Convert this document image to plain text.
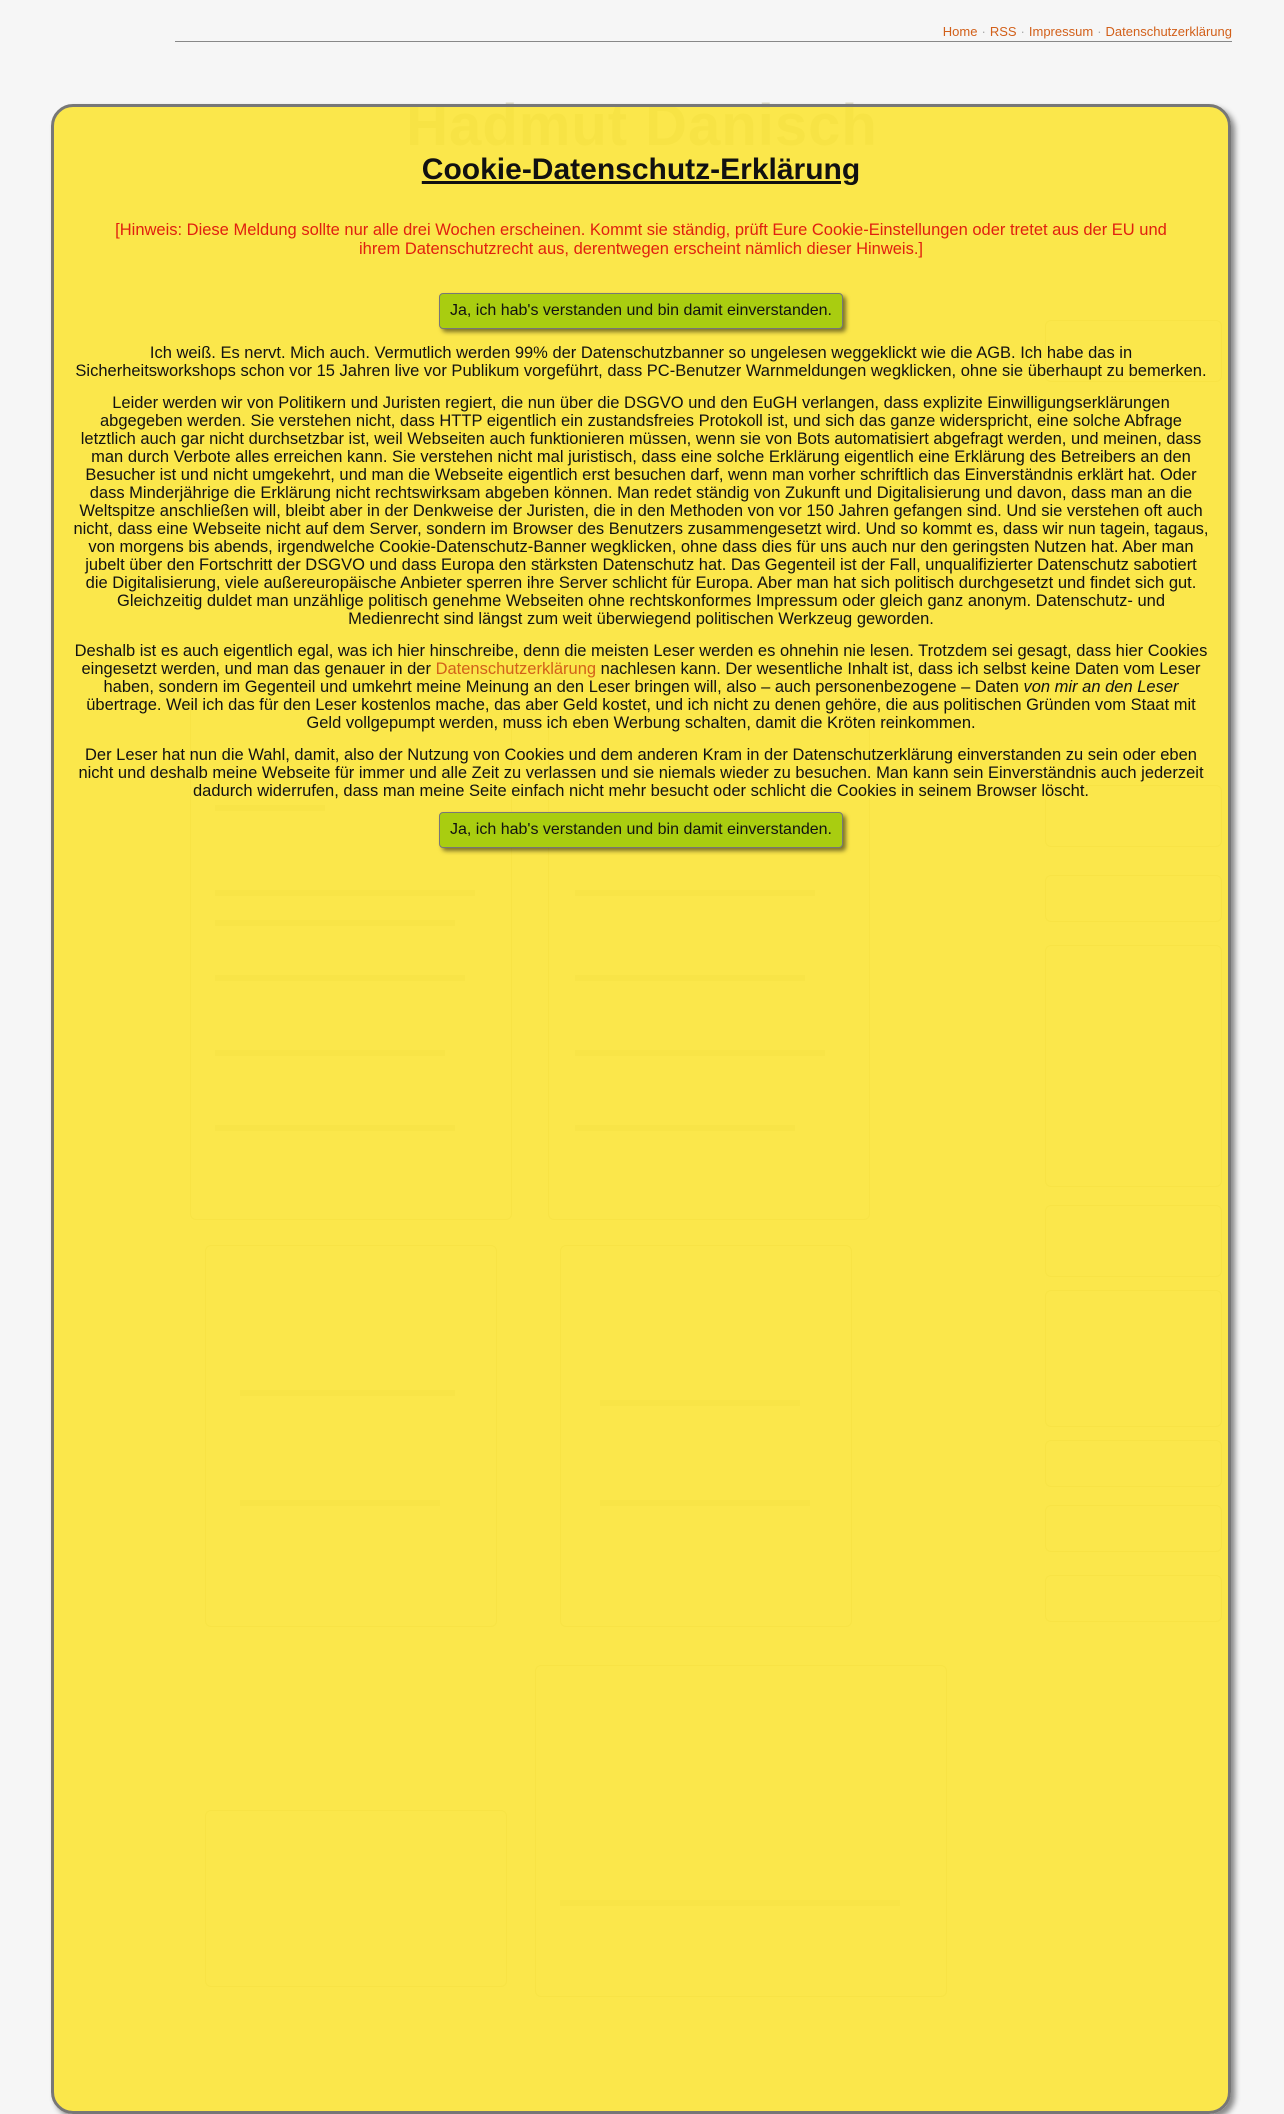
Home · RSS · Impressum · Datenschutzerklärung
Cookie-Datenschutz-Erklärung

[Hinweis: Diese Meldung sollte nur alle drei Wochen erscheinen. Kommt sie ständig, prüft Eure Cookie-Einstellungen oder tretet aus der EU und ihrem Datenschutzrecht aus, derentwegen erscheint nämlich dieser Hinweis.]

Ja, ich hab's verstanden und bin damit einverstanden.

Ich weiß. Es nervt. Mich auch. Vermutlich werden 99% der Datenschutzbanner so ungelesen weggeklickt wie die AGB. Ich habe das in Sicherheitsworkshops schon vor 15 Jahren live vor Publikum vorgeführt, dass PC-Benutzer Warnmeldungen wegklicken, ohne sie überhaupt zu bemerken.

Leider werden wir von Politikern und Juristen regiert, die nun über die DSGVO und den EuGH verlangen, dass explizite Einwilligungserklärungen abgegeben werden. Sie verstehen nicht, dass HTTP eigentlich ein zustandsfreies Protokoll ist, und sich das ganze widerspricht, eine solche Abfrage letztlich auch gar nicht durchsetzbar ist, weil Webseiten auch funktionieren müssen, wenn sie von Bots automatisiert abgefragt werden, und meinen, dass man durch Verbote alles erreichen kann. Sie verstehen nicht mal juristisch, dass eine solche Erklärung eigentlich eine Erklärung des Betreibers an den Besucher ist und nicht umgekehrt, und man die Webseite eigentlich erst besuchen darf, wenn man vorher schriftlich das Einverständnis erklärt hat. Oder dass Minderjährige die Erklärung nicht rechtswirksam abgeben können. Man redet ständig von Zukunft und Digitalisierung und davon, dass man an die Weltspitze anschließen will, bleibt aber in der Denkweise der Juristen, die in den Methoden von vor 150 Jahren gefangen sind. Und sie verstehen oft auch nicht, dass eine Webseite nicht auf dem Server, sondern im Browser des Benutzers zusammengesetzt wird. Und so kommt es, dass wir nun tagein, tagaus, von morgens bis abends, irgendwelche Cookie-Datenschutz-Banner wegklicken, ohne dass dies für uns auch nur den geringsten Nutzen hat. Aber man jubelt über den Fortschritt der DSGVO und dass Europa den stärksten Datenschutz hat. Das Gegenteil ist der Fall, unqualifizierter Datenschutz sabotiert die Digitalisierung, viele außereuropäische Anbieter sperren ihre Server schlicht für Europa. Aber man hat sich politisch durchgesetzt und findet sich gut. Gleichzeitig duldet man unzählige politisch genehme Webseiten ohne rechtskonformes Impressum oder gleich ganz anonym. Datenschutz- und Medienrecht sind längst zum weit überwiegend politischen Werkzeug geworden.

Deshalb ist es auch eigentlich egal, was ich hier hinschreibe, denn die meisten Leser werden es ohnehin nie lesen. Trotzdem sei gesagt, dass hier Cookies eingesetzt werden, und man das genauer in der Datenschutzerklärung nachlesen kann. Der wesentliche Inhalt ist, dass ich selbst keine Daten vom Leser haben, sondern im Gegenteil und umkehrt meine Meinung an den Leser bringen will, also – auch personenbezogene – Daten von mir an den Leser übertrage. Weil ich das für den Leser kostenlos mache, das aber Geld kostet, und ich nicht zu denen gehöre, die aus politischen Gründen vom Staat mit Geld vollgepumpt werden, muss ich eben Werbung schalten, damit die Kröten reinkommen.

Der Leser hat nun die Wahl, damit, also der Nutzung von Cookies und dem anderen Kram in der Datenschutzerklärung einverstanden zu sein oder eben nicht und deshalb meine Webseite für immer und alle Zeit zu verlassen und sie niemals wieder zu besuchen. Man kann sein Einverständnis auch jederzeit dadurch widerrufen, dass man meine Seite einfach nicht mehr besucht oder schlicht die Cookies in seinem Browser löscht.

Ja, ich hab's verstanden und bin damit einverstanden.
